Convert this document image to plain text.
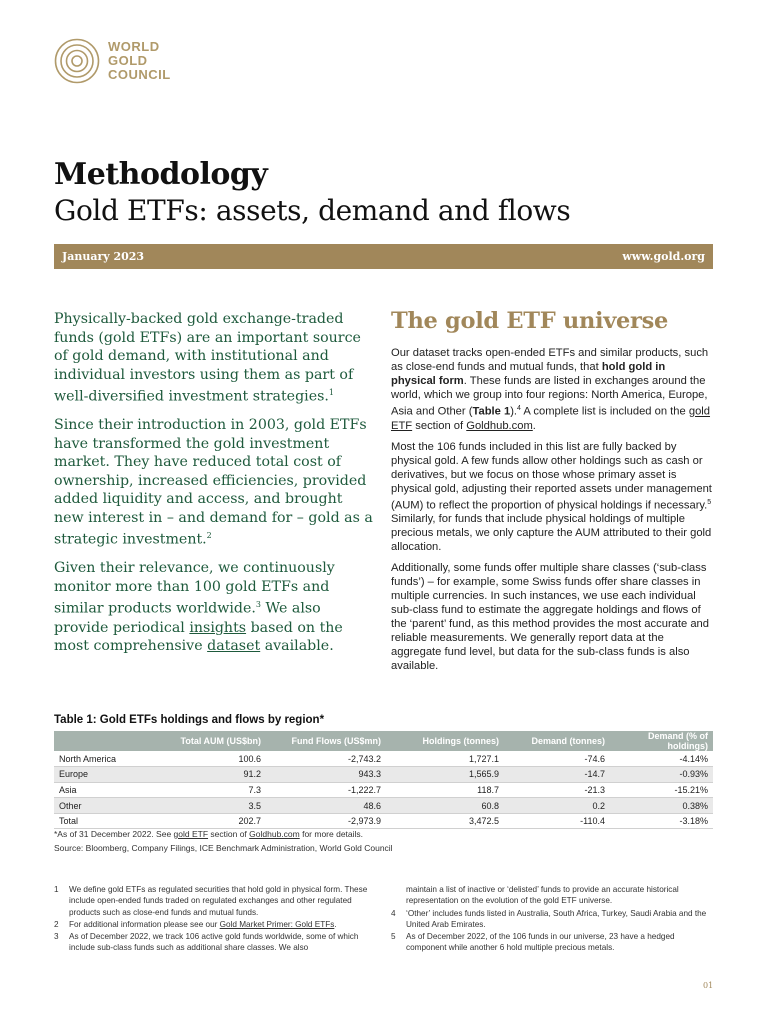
WORLD
GOLD
COUNCIL
Methodology
Gold ETFs: assets, demand and flows
January 2023	www.gold.org

Physically-backed gold exchange-traded funds (gold ETFs) are an important source of gold demand, with institutional and individual investors using them as part of well-diversified investment strategies.$^1$

Since their introduction in 2003, gold ETFs have transformed the gold investment market. They have reduced total cost of ownership, increased efficiencies, provided added liquidity and access, and brought new interest in – and demand for – gold as a strategic investment.$^2$

Given their relevance, we continuously monitor more than 100 gold ETFs and similar products worldwide.$^3$ We also provide periodical insights based on the most comprehensive dataset available.

The gold ETF universe

Our dataset tracks open-ended ETFs and similar products, such as close-end funds and mutual funds, that hold gold in physical form. These funds are listed in exchanges around the world, which we group into four regions: North America, Europe, Asia and Other (Table 1).$^4$ A complete list is included on the gold ETF section of Goldhub.com.

Most the 106 funds included in this list are fully backed by physical gold. A few funds allow other holdings such as cash or derivatives, but we focus on those whose primary asset is physical gold, adjusting their reported assets under management (AUM) to reflect the proportion of physical holdings if necessary.$^5$ Similarly, for funds that include physical holdings of multiple precious metals, we only capture the AUM attributed to their gold allocation.

Additionally, some funds offer multiple share classes (‘sub-class funds’) – for example, some Swiss funds offer share classes in multiple currencies. In such instances, we use each individual sub-class fund to estimate the aggregate holdings and flows of the ‘parent’ fund, as this method provides the most accurate and reliable measurements. We generally report data at the aggregate fund level, but data for the sub-class funds is also available.

Table 1: Gold ETFs holdings and flows by region*
	Total AUM (US$bn)	Fund Flows (US$mn)	Holdings (tonnes)	Demand (tonnes)	Demand (% of holdings)
North America	100.6	-2,743.2	1,727.1	-74.6	-4.14%
Europe	91.2	943.3	1,565.9	-14.7	-0.93%
Asia	7.3	-1,222.7	118.7	-21.3	-15.21%
Other	3.5	48.6	60.8	0.2	0.38%
Total	202.7	-2,973.9	3,472.5	-110.4	-3.18%
*As of 31 December 2022. See gold ETF section of Goldhub.com for more details.
Source: Bloomberg, Company Filings, ICE Benchmark Administration, World Gold Council
1	We define gold ETFs as regulated securities that hold gold in physical form. These include open-ended funds traded on regulated exchanges and other regulated products such as close-end funds and mutual funds.
2	For additional information please see our Gold Market Primer: Gold ETFs.
3	As of December 2022, we track 106 active gold funds worldwide, some of which include sub-class funds such as additional share classes. We also
maintain a list of inactive or ‘delisted’ funds to provide an accurate historical representation on the evolution of the gold ETF universe.
4	‘Other’ includes funds listed in Australia, South Africa, Turkey, Saudi Arabia and the United Arab Emirates.
5	As of December 2022, of the 106 funds in our universe, 23 have a hedged component while another 6 hold multiple precious metals.
01
